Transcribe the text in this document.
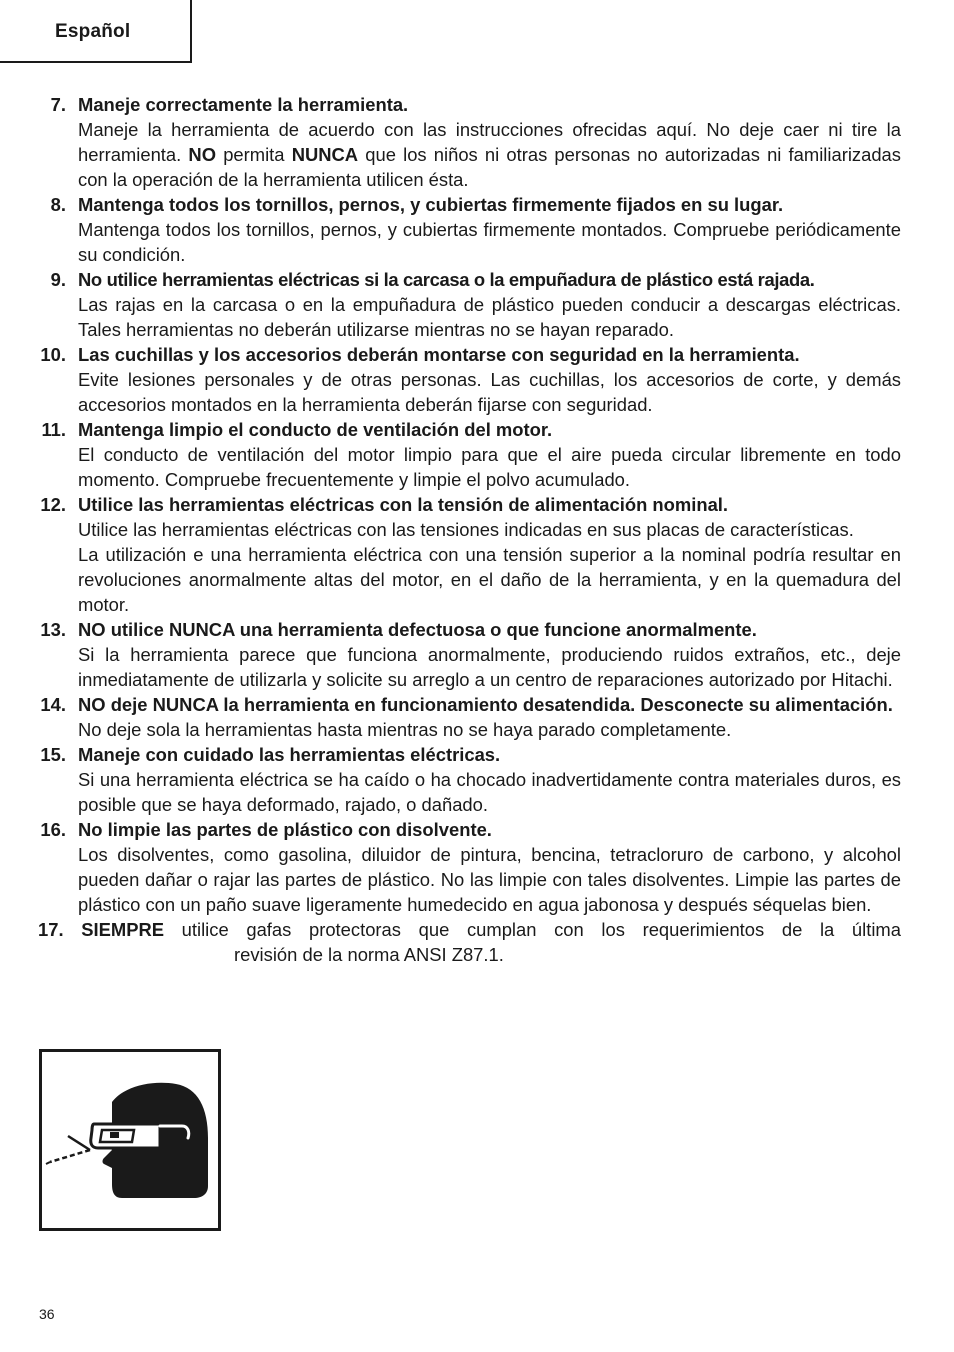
Español
7. Maneje correctamente la herramienta.
Maneje la herramienta de acuerdo con las instrucciones ofrecidas aquí. No deje caer ni tire la herramienta. NO permita NUNCA que los niños ni otras personas no autorizadas ni familiarizadas con la operación de la herramienta utilicen ésta.
8. Mantenga todos los tornillos, pernos, y cubiertas firmemente fijados en su lugar.
Mantenga todos los tornillos, pernos, y cubiertas firmemente montados. Compruebe periódicamente su condición.
9. No utilice herramientas eléctricas si la carcasa o la empuñadura de plástico está rajada.
Las rajas en la carcasa o en la empuñadura de plástico pueden conducir a descargas eléctricas. Tales herramientas no deberán utilizarse mientras no se hayan reparado.
10. Las cuchillas y los accesorios deberán montarse con seguridad en la herramienta.
Evite lesiones personales y de otras personas. Las cuchillas, los accesorios de corte, y demás accesorios montados en la herramienta deberán fijarse con seguridad.
11. Mantenga limpio el conducto de ventilación del motor.
El conducto de ventilación del motor limpio para que el aire pueda circular libremente en todo momento. Compruebe frecuentemente y limpie el polvo acumulado.
12. Utilice las herramientas eléctricas con la tensión de alimentación nominal.
Utilice las herramientas eléctricas con las tensiones indicadas en sus placas de características.
La utilización e una herramienta eléctrica con una tensión superior a la nominal podría resultar en revoluciones anormalmente altas del motor, en el daño de la herramienta, y en la quemadura del motor.
13. NO utilice NUNCA una herramienta defectuosa o que funcione anormalmente.
Si la herramienta parece que funciona anormalmente, produciendo ruidos extraños, etc., deje inmediatamente de utilizarla y solicite su arreglo a un centro de reparaciones autorizado por Hitachi.
14. NO deje NUNCA la herramienta en funcionamiento desatendida. Desconecte su alimentación.
No deje sola la herramientas hasta mientras no se haya parado completamente.
15. Maneje con cuidado las herramientas eléctricas.
Si una herramienta eléctrica se ha caído o ha chocado inadvertidamente contra materiales duros, es posible que se haya deformado, rajado, o dañado.
16. No limpie las partes de plástico con disolvente.
Los disolventes, como gasolina, diluidor de pintura, bencina, tetracloruro de carbono, y alcohol pueden dañar o rajar las partes de plástico. No las limpie con tales disolventes. Limpie las partes de plástico con un paño suave ligeramente humedecido en agua jabonosa y después séquelas bien.
17. SIEMPRE utilice gafas protectoras que cumplan con los requerimientos de la última
revisión de la norma ANSI Z87.1.
36
